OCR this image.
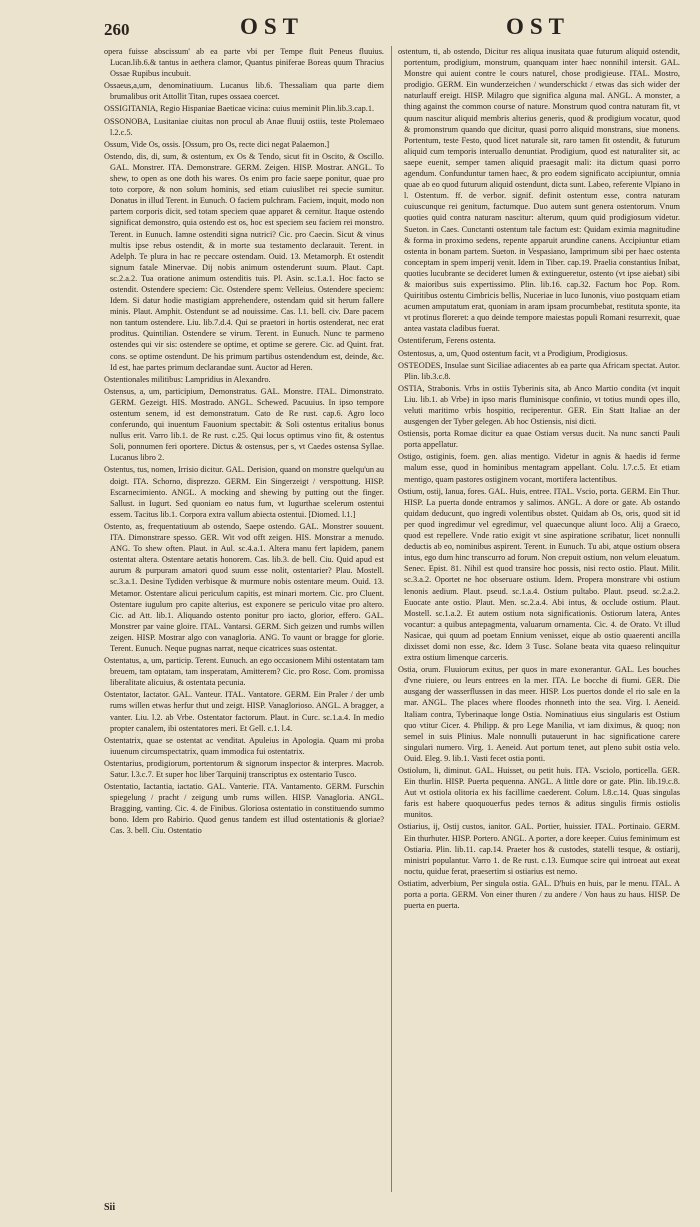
260	OST	OST

opera fuisse abscissum' ab ea parte vbi per Tempe fluit Peneus fluuius. Lucan.lib.6.& tantus in aethera clamor, Quantus piniferae Boreas quum Thracius Ossae Rupibus incubuit.

Ossaeus,a,um, denominatiuum. Lucanus lib.6. Thessaliam qua parte diem brumalibus orit Attollit Titan, rupes ossaea coercet.

OSSIGITANIA, Regio Hispaniae Baeticae vicina: cuius meminit Plin.lib.3.cap.1.

OSSONOBA, Lusitaniae ciuitas non procul ab Anae fluuij ostiis, teste Ptolemaeo l.2.c.5.

Ossum, Vide Os, ossis. [Ossum, pro Os, recte dici negat Palaemon.]

Ostendo, dis, di, sum, & ostentum, ex Os & Tendo, sicut fit in Oscito, & Oscillo. GAL. Monstrer. ITA. Demonstrare. GERM. Zeigen. HISP. Mostrar. ANGL. To shew, to open as one doth his wares. Os enim pro facie saepe ponitur, quae pro toto corpore, & non solum hominis, sed etiam cuiuslibet rei specie sumitur. Donatus in illud Terent. in Eunuch. O faciem pulchram. Faciem, inquit, modo non partem corporis dicit, sed totam speciem quae apparet & cernitur. Itaque ostendo significat demonstro, quia ostendo est os, hoc est speciem seu faciem rei monstro. Terent. in Eunuch. Iamne ostenditi signa nutrici? Cic. pro Caecin. Sicut & vinus multis ipse rebus ostendit, & in morte sua testamento declarauit. Terent. in Adelph. Te plura in hac re peccare ostendam. Ouid. 13. Metamorph. Et ostendit signum fatale Minervae. Dij nobis animum ostenderunt suum. Plaut. Capt. sc.2.a.2. Tua oratione animum ostenditis tuis. Pl. Asin. sc.1.a.1. Hoc facto se ostendit. Ostendere speciem: Cic. Ostendere spem: Velleius. Ostendere speciem: Idem. Si datur hodie mastigiam apprehendere, ostendam quid sit herum fallere minis. Plaut. Amphit. Ostendunt se ad nouissime. Cas. l.1. bell. civ. Dare pacem non tantum ostendere. Liu. lib.7.d.4. Qui se praetori in hortis ostenderat, nec erat proditus. Quintilian. Ostendere se virum. Terent. in Eunuch. Nunc te parmeno ostendes qui vir sis: ostendere se optime, et optime se gerere. Cic. ad Quint. frat. cons. se optime ostendunt. De his primum partibus ostendendum est, deinde, &c. Id est, hae partes primum declarandae sunt. Auctor ad Heren.

Ostentionales militibus: Lampridius in Alexandro.

Ostensus, a, um, participium, Demonstratus. GAL. Monstre. ITAL. Dimonstrato. GERM. Gezeigt. HIS. Mostrado. ANGL. Schewed. Pacuuius. In ipso tempore ostentum senem, id est demonstratum. Cato de Re rust. cap.6. Agro loco conferundo, qui inuentum Fauonium spectabit: & Soli ostentus eritalius bonus nullus erit. Varro lib.1. de Re rust. c.25. Qui locus optimus vino fit, & ostentus Soli, ponnumen feri oportere. Dictus & ostensus, per s, vt Caedes ostensa Syllae. Lucanus libro 2.

Ostentus, tus, nomen, Irrisio dicitur. GAL. Derision, quand on monstre quelqu'un au doigt. ITA. Schorno, disprezzo. GERM. Ein Singerzeigt / verspottung. HISP. Escarnecimiento. ANGL. A mocking and shewing by putting out the finger. Sallust. in Iugurt. Sed quoniam eo natus fum, vt Iugurthae scelerum ostentui essem. Tacitus lib.1. Corpora extra vallum abiecta ostentui. [Diomed. l.1.]

Ostento, as, frequentatiuum ab ostendo, Saepe ostendo. GAL. Monstrer souuent. ITA. Dimonstrare spesso. GER. Wit vod offt zeigen. HIS. Monstrar a menudo. ANG. To shew often. Plaut. in Aul. sc.4.a.1. Altera manu fert lapidem, panem ostentat altera. Ostentare aetatis honorem. Cas. lib.3. de bell. Ciu. Quid apud est aurum & purpuram amatori quod suum esse nolit, ostentarier? Plau. Mostell. sc.3.a.1. Desine Tydiden verbisque & murmure nobis ostentare meum. Ouid. 13. Metamor. Ostentare alicui periculum capitis, est minari mortem. Cic. pro Cluent. Ostentare iugulum pro capite alterius, est exponere se periculo vitae pro altero. Cic. ad Att. lib.1. Aliquando ostento ponitur pro iacto, glorior, effero. GAL. Monstrer par vaine gloire. ITAL. Vantarsi. GERM. Sich geizen und rumbs willen zeigen. HISP. Mostrar algo con vanagloria. ANG. To vaunt or bragge for glorie. Terent. Eunuch. Neque pugnas narrat, neque cicatrices suas ostentat.

Ostentatus, a, um, particip. Terent. Eunuch. an ego occasionem Mihi ostentatam tam breuem, tam optatam, tam insperatam, Amitterem? Cic. pro Rosc. Com. promissa liberalitate alicuius, & ostentata pecunia.

Ostentator, Iactator. GAL. Vanteur. ITAL. Vantatore. GERM. Ein Praler / der umb rums willen etwas herfur thut und zeigt. HISP. Vanaglorioso. ANGL. A bragger, a vanter. Liu. l.2. ab Vrbe. Ostentator factorum. Plaut. in Curc. sc.1.a.4. In medio propter canalem, ibi ostentatores meri. Et Gell. c.1. l.4.

Ostentatrix, quae se ostentat ac venditat. Apuleius in Apologia. Quam mi proba iuuenum circumspectatrix, quam immodica fui ostentatrix.

Ostentarius, prodigiorum, portentorum & signorum inspector & interpres. Macrob. Satur. l.3.c.7. Et super hoc liber Tarquinij transcriptus ex ostentario Tusco.

Ostentatio, Iactantia, iactatio. GAL. Vanterie. ITA. Vantamento. GERM. Furschin spiegelung / pracht / zeigung umb rums willen. HISP. Vanagloria. ANGL. Bragging, vanting. Cic. 4. de Finibus. Gloriosa ostentatio in constituendo summo bono. Idem pro Rabirio. Quod genus tandem est illud ostentationis & gloriae? Cas. 3. bell. Ciu. Ostentatio

ostentum, ti, ab ostendo, Dicitur res aliqua inusitata quae futurum aliquid ostendit, portentum, prodigium, monstrum, quanquam inter haec nonnihil intersit. GAL. Monstre qui auient contre le cours naturel, chose prodigieuse. ITAL. Mostro, prodigio. GERM. Ein wunderzeichen / wunderschickt / etwas das sich wider der naturlauff ereigt. HISP. Milagro que significa alguna mal. ANGL. A monster, a thing against the common course of nature. Monstrum quod contra naturam fit, vt quum nascitur aliquid membris alterius generis, quod & prodigium vocatur, quod & promonstrum quando que dicitur, quasi porro aliquid monstrans, siue monens. Portentum, teste Festo, quod licet naturale sit, raro tamen fit ostendit, & futurum aliquid cum temporis interuallo denuntiat. Prodigium, quod est naturaliter sit, ac saepe euenit, semper tamen aliquid praesagit mali: ita dictum quasi porro agendum. Confunduntur tamen haec, & pro eodem significato accipiuntur, omnia quae ab eo quod futurum aliquid ostendunt, dicta sunt. Labeo, referente Vlpiano in l. Ostentum. ff. de verbor. signif. definit ostentum esse, contra naturam cuiuscunque rei genitum, factumque. Duo autem sunt genera ostentorum. Vnum quoties quid contra naturam nascitur: alterum, quum quid prodigiosum videtur. Sueton. in Caes. Cunctanti ostentum tale factum est: Quidam eximia magnitudine & forma in proximo sedens, repente apparuit arundine canens. Accipiuntur etiam ostenta in bonam partem. Sueton. in Vespasiano, Iamprimum sibi per haec ostenta conceptam in spem imperij venit. Idem in Tiber. cap.19. Praelia constantius Inibat, quoties lucubrante se decideret lumen & extingueretur, ostento (vt ipse aiebat) sibi & maioribus suis expertissimo. Plin. lib.16. cap.32. Factum hoc Pop. Rom. Quiritibus ostentu Cimbricis bellis, Nuceriae in luco Iunonis, viuo postquam etiam acumen amputatum erat, quoniam in aram ipsam procumbebat, restituta sponte, ita vt protinus floreret: a quo deinde tempore maiestas populi Romani resurrexit, quae antea vastata cladibus fuerat.

Ostentiferum, Ferens ostenta.

Ostentosus, a, um, Quod ostentum facit, vt a Prodigium, Prodigiosus.

OSTEODES, Insulae sunt Siciliae adiacentes ab ea parte qua Africam spectat. Autor. Plin. lib.3.c.8.

OSTIA, Strabonis. Vrbs in ostiis Tyberinis sita, ab Anco Martio condita (vt inquit Liu. lib.1. ab Vrbe) in ipso maris fluminisque confinio, vt totius mundi opes illo, veluti maritimo vrbis hospitio, reciperentur. GER. Ein Statt Italiae an der ausgengen der Tyber gelegen. Ab hoc Ostiensis, nisi dicti.

Ostiensis, porta Romae dicitur ea quae Ostiam versus ducit. Na nunc sancti Pauli porta appellatur.

Ostigo, ostiginis, foem. gen. alias mentigo. Videtur in agnis & haedis id ferme malum esse, quod in hominibus mentagram appellant. Colu. l.7.c.5. Et etiam mentigo, quam pastores ostiginem vocant, mortifera lactentibus.

Ostium, ostij, Ianua, fores. GAL. Huis, entree. ITAL. Vscio, porta. GERM. Ein Thur. HISP. La puerta donde entramos y salimos. ANGL. A dore or gate. Ab ostando quidam deducunt, quo ingredi volentibus obstet. Quidam ab Os, oris, quod sit id per quod ingredimur vel egredimur, vel quaecunque aliunt loco. Alij a Graeco, quod est repellere. Vnde ratio exigit vt sine aspiratione scribatur, licet nonnulli deductis ab eo, nominibus aspirent. Terent. in Eunuch. Tu abi, atque ostium obsera intus, ego dum hinc transcurro ad forum. Non crepuit ostium, non velum eleuatum. Senec. Epist. 81. Nihil est quod transire hoc possis, nisi recto ostio. Plaut. Milit. sc.3.a.2. Oportet ne hoc obseruare ostium. Idem. Propera monstrare vbi ostium lenonis aedium. Plaut. pseud. sc.1.a.4. Ostium pultabo. Plaut. pseud. sc.2.a.2. Euocate ante ostio. Plaut. Men. sc.2.a.4. Abi intus, & occlude ostium. Plaut. Mostell. sc.1.a.2. Et autem ostium nota significationis. Ostiorum latera, Antes vocantur: a quibus antepagmenta, valuarum ornamenta. Cic. 4. de Orato. Vt illud Nasicae, qui quum ad poetam Ennium venisset, eique ab ostio quaerenti ancilla dixisset domi non esse, &c. Idem 3 Tusc. Solane beata vita quaeso relinquitur extra ostium limenque carceris.

Ostia, orum. Fluuiorum exitus, per quos in mare exonerantur. GAL. Les bouches d'vne riuiere, ou leurs entrees en la mer. ITA. Le bocche di fiumi. GER. Die ausgang der wasserflussen in das meer. HISP. Los puertos donde el rio sale en la mar. ANGL. The places where floodes rhonneth into the sea. Virg. l. Aeneid. Italiam contra, Tyberinaque longe Ostia. Nominatiuus eius singularis est Ostium quo vtitur Cicer. 4. Philipp. & pro Lege Manilia, vt iam diximus, & quoq; non semel in suis Plinius. Male nonnulli putauerunt in hac significatione carere singulari numero. Virg. 1. Aeneid. Aut portum tenet, aut pleno subit ostia velo. Ouid. Eleg. 9. lib.1. Vasti fecet ostia ponti.

Ostiolum, li, diminut. GAL. Huisset, ou petit huis. ITA. Vsciolo, porticella. GER. Ein thurlin. HISP. Puerta pequenna. ANGL. A little dore or gate. Plin. lib.19.c.8. Aut vt ostiola olitoria ex his facillime caederent. Colum. l.8.c.14. Quas singulas faris est habere quoquouerfus pedes ternos & aditus singulis firmis ostiolis munitos.

Ostiarius, ij, Ostij custos, ianitor. GAL. Portier, huissier. ITAL. Portinaio. GERM. Ein thurhuter. HISP. Portero. ANGL. A porter, a dore keeper. Cuius feminimum est Ostiaria. Plin. lib.11. cap.14. Praeter hos & custodes, statelli tesque, & ostiarij, ministri populantur. Varro 1. de Re rust. c.13. Eumque scire qui introeat aut exeat noctu, quidue ferat, praesertim si ostiarius est nemo.

Ostiatim, adverbium, Per singula ostia. GAL. D'huis en huis, par le menu. ITAL. A porta a porta. GERM. Von einer thuren / zu andere / Von haus zu haus. HISP. De puerta en puerta.

Sii
